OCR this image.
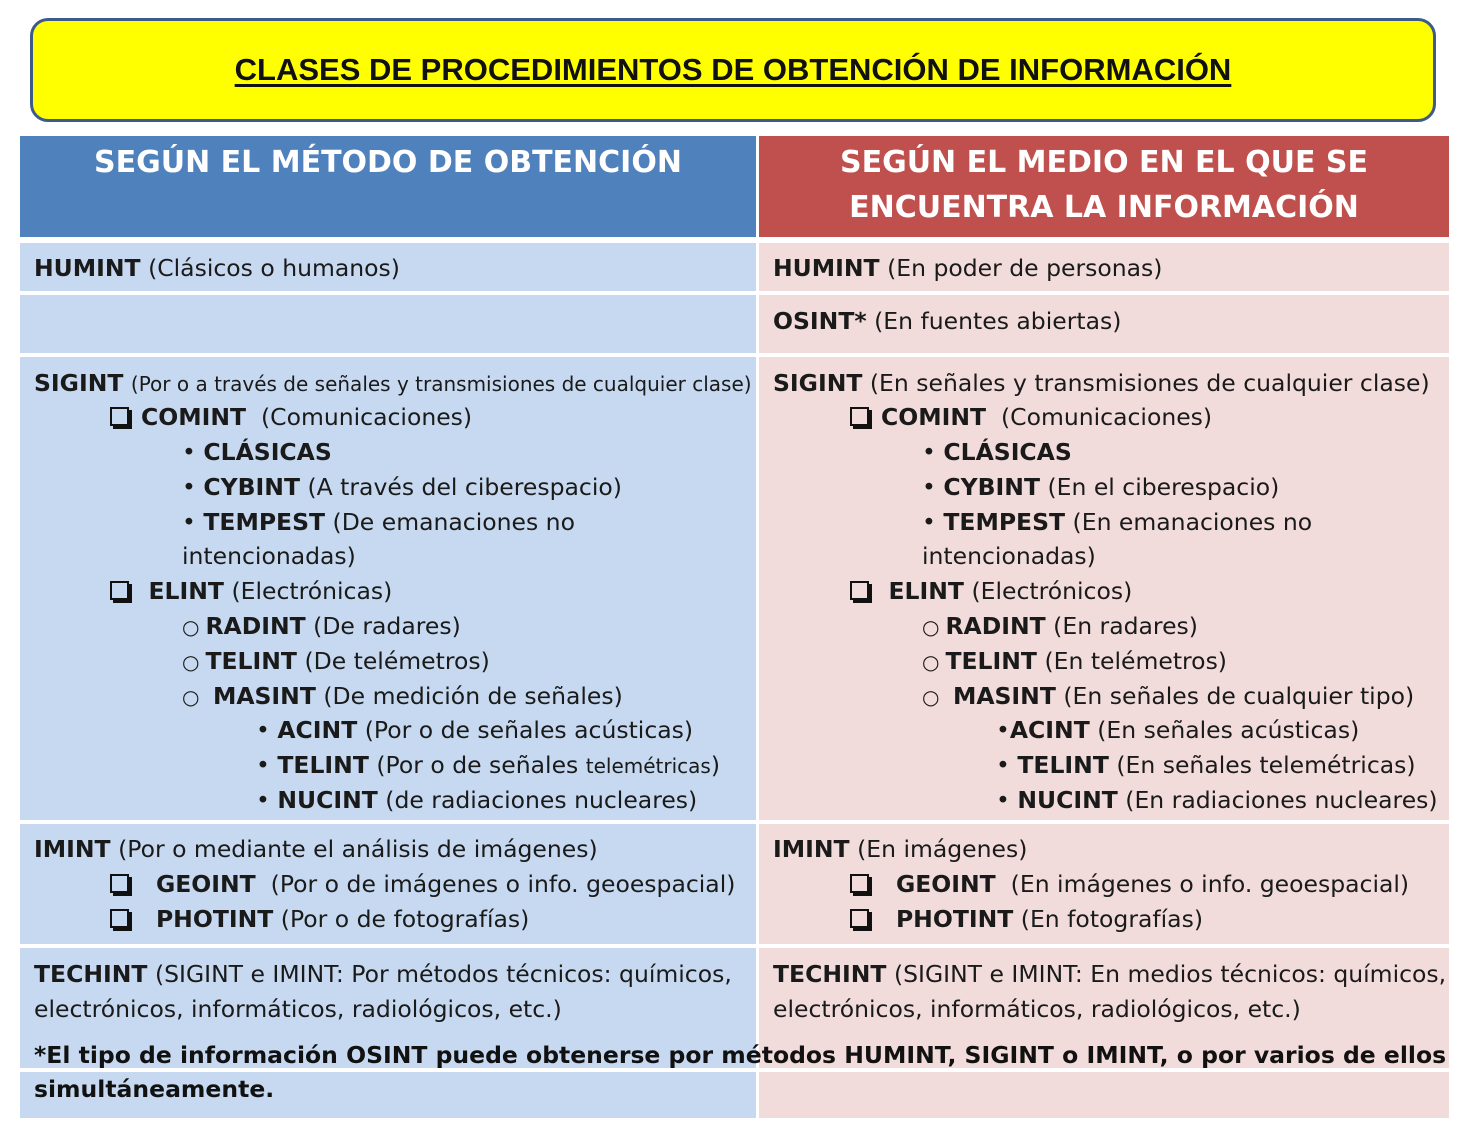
CLASES DE PROCEDIMIENTOS DE OBTENCIÓN DE INFORMACIÓN
SEGÚN EL MÉTODO DE OBTENCIÓN	SEGÚN EL MEDIO EN EL QUE SE
ENCUENTRA LA INFORMACIÓN
HUMINT (Clásicos o humanos)
SIGINT (Por o a través de señales y transmisiones de cualquier clase)
COMINT (Comunicaciones)
• CLÁSICAS
• CYBINT (A través del ciberespacio)
• TEMPEST (De emanaciones no
intencionadas)
ELINT (Electrónicas)
○ RADINT (De radares)
○ TELINT (De telémetros)
○ MASINT (De medición de señales)
• ACINT (Por o de señales acústicas)
• TELINT (Por o de señales telemétricas)
• NUCINT (de radiaciones nucleares)
IMINT (Por o mediante el análisis de imágenes)
GEOINT (Por o de imágenes o info. geoespacial)
PHOTINT (Por o de fotografías)
TECHINT (SIGINT e IMINT: Por métodos técnicos: químicos,
electrónicos, informáticos, radiológicos, etc.)
HUMINT (En poder de personas)
OSINT* (En fuentes abiertas)
SIGINT (En señales y transmisiones de cualquier clase)
COMINT (Comunicaciones)
• CLÁSICAS
• CYBINT (En el ciberespacio)
• TEMPEST (En emanaciones no
intencionadas)
ELINT (Electrónicos)
○ RADINT (En radares)
○ TELINT (En telémetros)
○ MASINT (En señales de cualquier tipo)
•ACINT (En señales acústicas)
• TELINT (En señales telemétricas)
• NUCINT (En radiaciones nucleares)
IMINT (En imágenes)
GEOINT (En imágenes o info. geoespacial)
PHOTINT (En fotografías)
TECHINT (SIGINT e IMINT: En medios técnicos: químicos,
electrónicos, informáticos, radiológicos, etc.)
*El tipo de información OSINT puede obtenerse por métodos HUMINT, SIGINT o IMINT, o por varios de ellos
simultáneamente.
